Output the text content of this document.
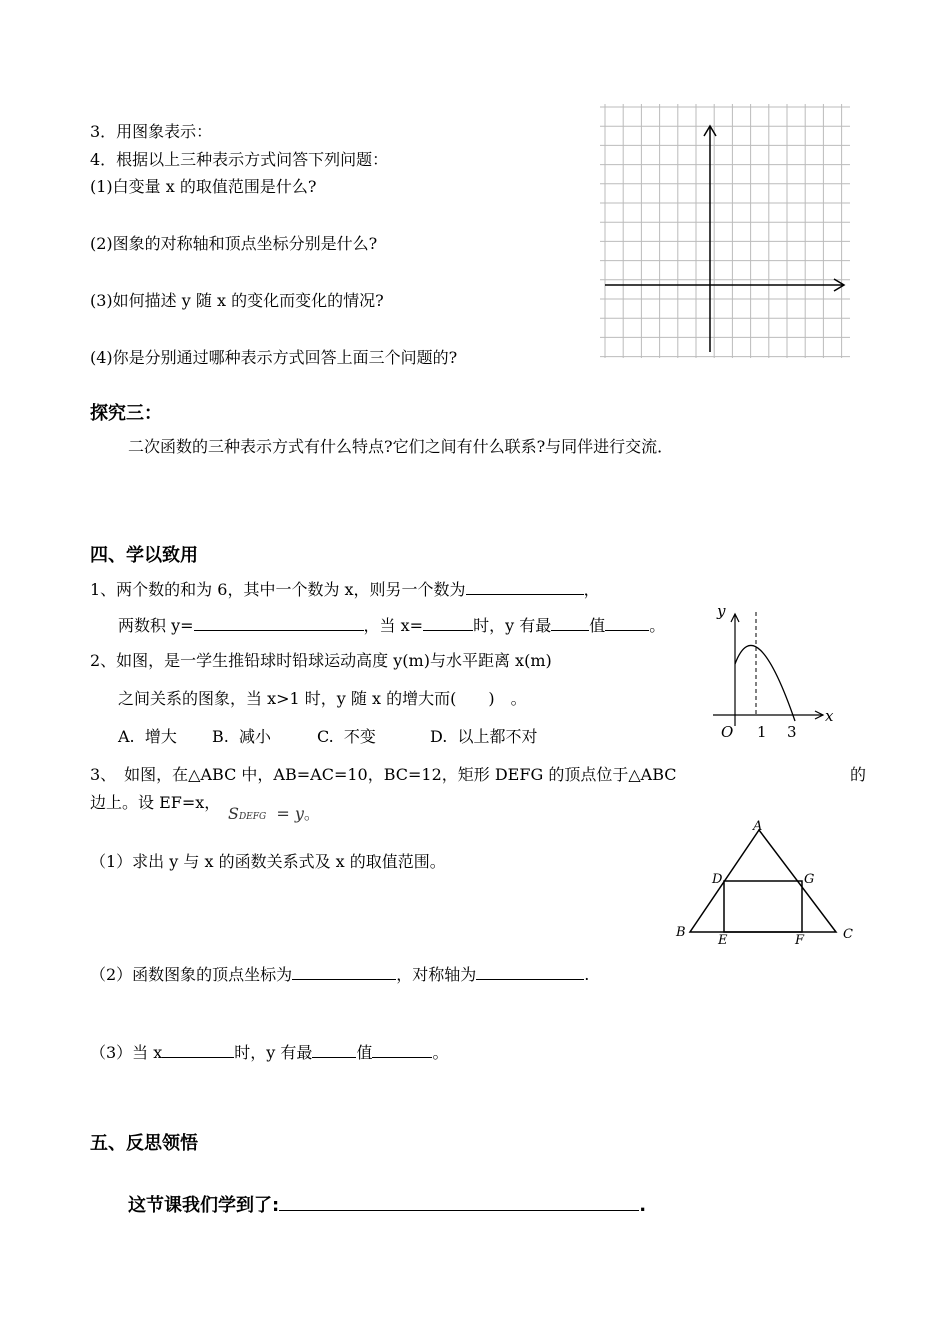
3．用图象表示：
4．根据以上三种表示方式问答下列问题：
(1)白变量 x 的取值范围是什么?
(2)图象的对称轴和顶点坐标分别是什么?
(3)如何描述 y 随 x 的变化而变化的情况?
(4)你是分别通过哪种表示方式回答上面三个问题的?
探究三：
二次函数的三种表示方式有什么特点?它们之间有什么联系?与同伴进行交流．
四、学以致用
1、两个数的和为 6，其中一个数为 x，则另一个数为	，
两数积 y=	，当 x=	时，y 有最 值	。
2、如图，是一学生推铅球时铅球运动高度 y(m)与水平距离 x(m)
之间关系的图象，当 x>1 时，y 随 x 的增大而(　　)　。
A.  增大 B.  减小	C.  不变	D.  以上都不对
y
x
O 1 3
3、　如图，在△ABC 中，AB=AC=10，BC=12，矩形 DEFG 的顶点位于△ABC	的
边上。设 EF=x，
SDEFG = y。
（1）求出 y 与 x 的函数关系式及 x 的取值范围。
A
B	C
D
E	F
G
（2）函数图象的顶点坐标为	，对称轴为	.
（3）当 x	时，y 有最	值	。
五、反思领悟
这节课我们学到了:	.
